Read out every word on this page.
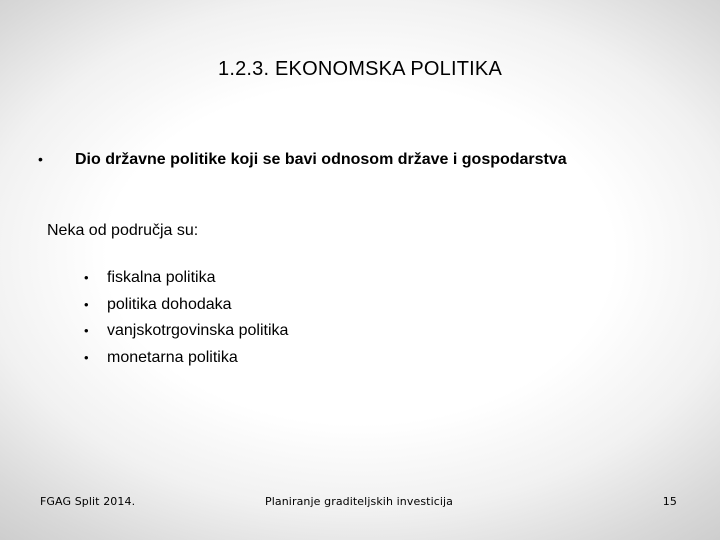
1.2.3. EKONOMSKA POLITIKA
•	Dio državne politike koji se bavi odnosom države i gospodarstva
Neka od područja su:
•	fiskalna politika
•	politika dohodaka
•	vanjskotrgovinska politika
•	monetarna politika
FGAG Split 2014.	Planiranje graditeljskih investicija	15
